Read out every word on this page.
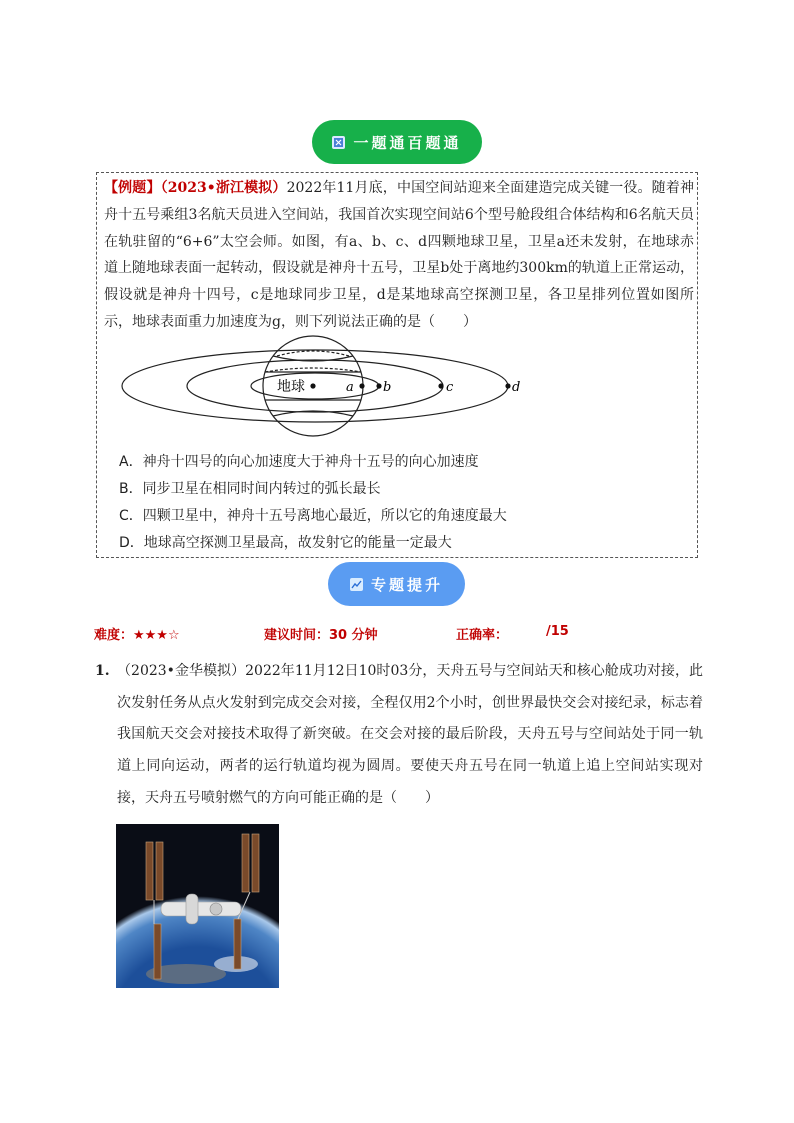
一题通百题通
【例题】（2023•浙江模拟）2022年11月底，中国空间站迎来全面建造完成关键一役。随着神舟十五号乘组3名航天员进入空间站，我国首次实现空间站6个型号舱段组合体结构和6名航天员在轨驻留的“6+6”太空会师。如图，有a、b、c、d四颗地球卫星，卫星a还未发射，在地球赤道上随地球表面一起转动，假设就是神舟十五号，卫星b处于离地约300km的轨道上正常运动，假设就是神舟十四号，c是地球同步卫星，d是某地球高空探测卫星，各卫星排列位置如图所示，地球表面重力加速度为g，则下列说法正确的是（　　）
地球	a b	c	d
A．神舟十四号的向心加速度大于神舟十五号的向心加速度
B．同步卫星在相同时间内转过的弧长最长
C．四颗卫星中，神舟十五号离地心最近，所以它的角速度最大
D．地球高空探测卫星最高，故发射它的能量一定最大
专题提升
难度：★★★☆	建议时间：30 分钟	正确率：	/15
1. （2023•金华模拟）2022年11月12日10时03分，天舟五号与空间站天和核心舱成功对接，此次发射任务从点火发射到完成交会对接，全程仅用2个小时，创世界最快交会对接纪录，标志着我国航天交会对接技术取得了新突破。在交会对接的最后阶段，天舟五号与空间站处于同一轨道上同向运动，两者的运行轨道均视为圆周。要使天舟五号在同一轨道上追上空间站实现对接，天舟五号喷射燃气的方向可能正确的是（　　）
